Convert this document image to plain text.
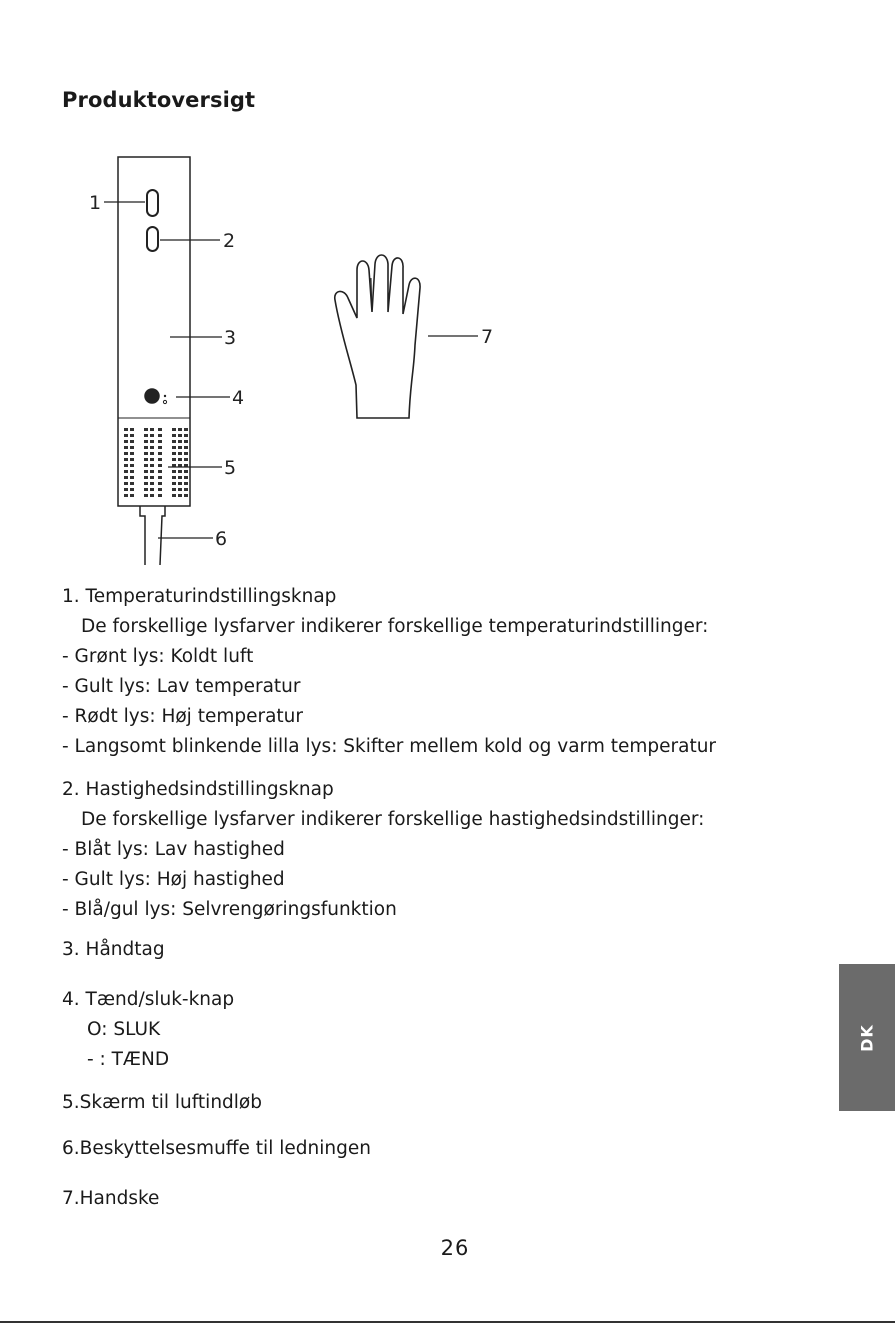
Produktoversigt
1
2
3
4
5
6
7
1. Temperaturindstillingsknap
De forskellige lysfarver indikerer forskellige temperaturindstillinger:
- Grønt lys: Koldt luft
- Gult lys: Lav temperatur
- Rødt lys: Høj temperatur
- Langsomt blinkende lilla lys: Skifter mellem kold og varm temperatur
2. Hastighedsindstillingsknap
De forskellige lysfarver indikerer forskellige hastighedsindstillinger:
- Blåt lys: Lav hastighed
- Gult lys: Høj hastighed
- Blå/gul lys: Selvrengøringsfunktion
3. Håndtag
4. Tænd/sluk-knap
O: SLUK
- : TÆND
5.Skærm til luftindløb
6.Beskyttelsesmuffe til ledningen
7.Handske
26
DK
